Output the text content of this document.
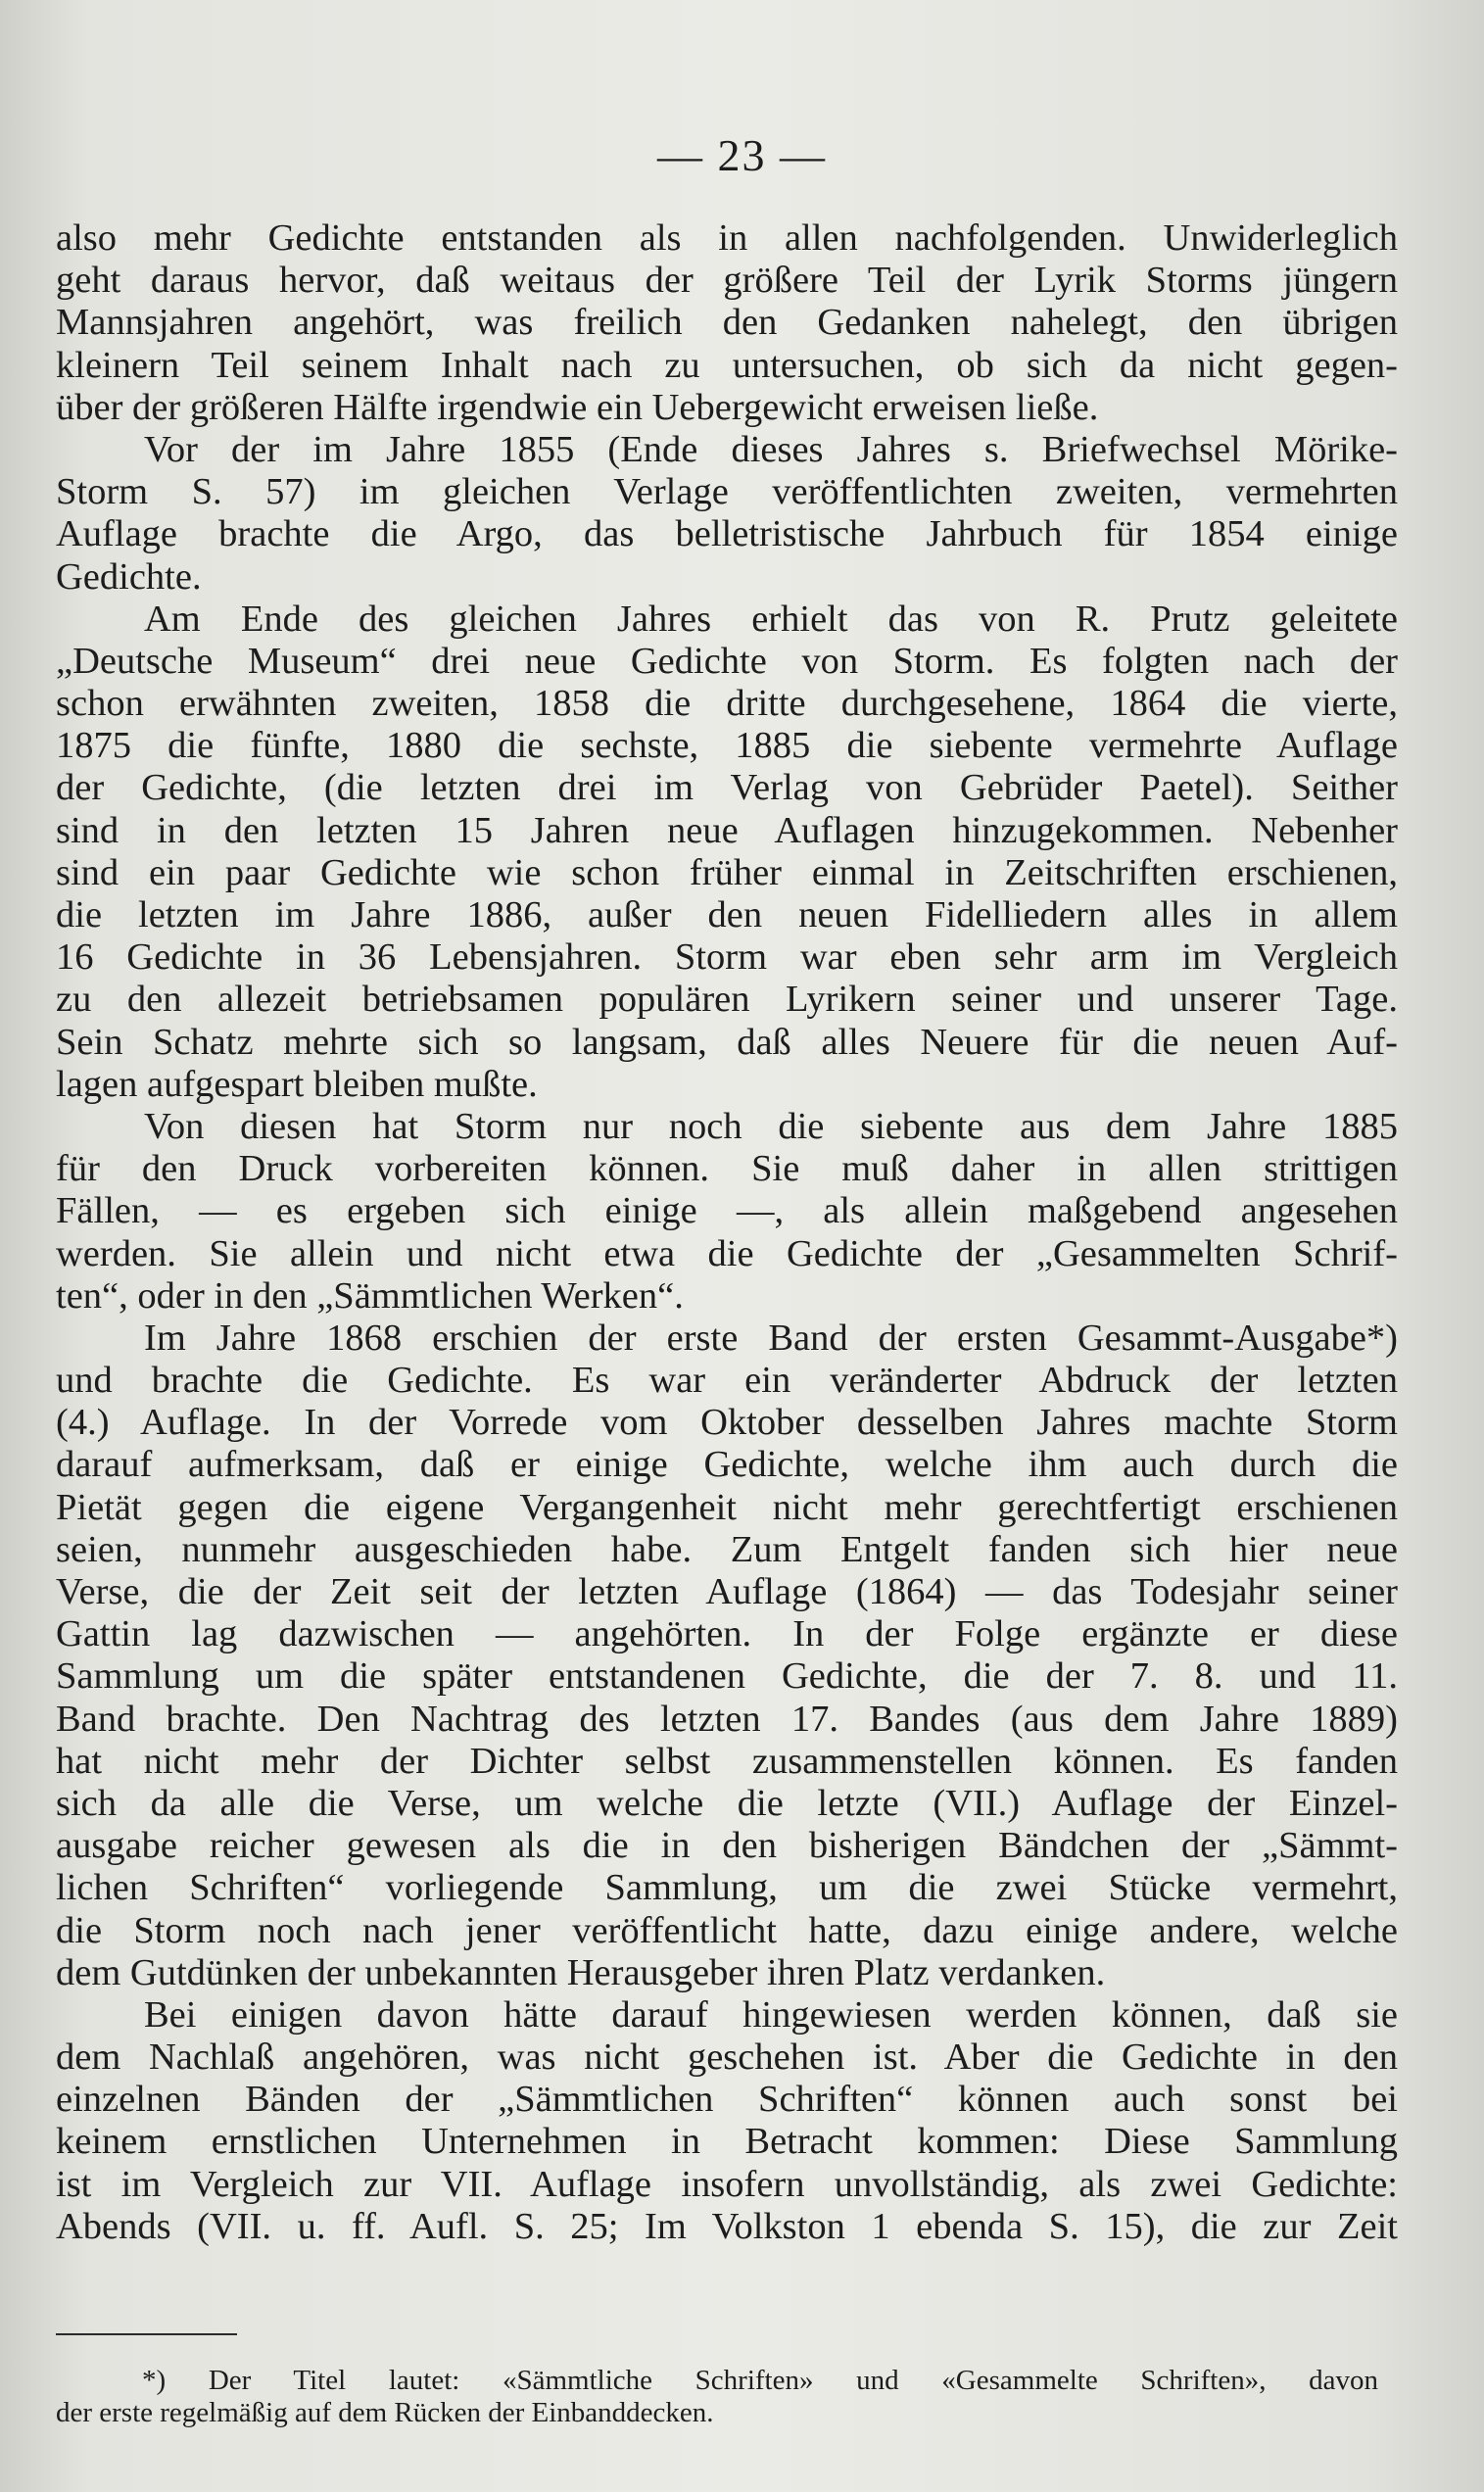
— 23 —
also mehr Gedichte entstanden als in allen nachfolgenden. Unwiderleglich
geht daraus hervor, daß weitaus der größere Teil der Lyrik Storms jüngern
Mannsjahren angehört, was freilich den Gedanken nahelegt, den übrigen
kleinern Teil seinem Inhalt nach zu untersuchen, ob sich da nicht gegen-
über der größeren Hälfte irgendwie ein Uebergewicht erweisen ließe.
Vor der im Jahre 1855 (Ende dieses Jahres s. Briefwechsel Mörike-
Storm S. 57) im gleichen Verlage veröffentlichten zweiten, vermehrten
Auflage brachte die Argo, das belletristische Jahrbuch für 1854 einige
Gedichte.
Am Ende des gleichen Jahres erhielt das von R. Prutz geleitete
„Deutsche Museum“ drei neue Gedichte von Storm. Es folgten nach der
schon erwähnten zweiten, 1858 die dritte durchgesehene, 1864 die vierte,
1875 die fünfte, 1880 die sechste, 1885 die siebente vermehrte Auflage
der Gedichte, (die letzten drei im Verlag von Gebrüder Paetel). Seither
sind in den letzten 15 Jahren neue Auflagen hinzugekommen. Nebenher
sind ein paar Gedichte wie schon früher einmal in Zeitschriften erschienen,
die letzten im Jahre 1886, außer den neuen Fidelliedern alles in allem
16 Gedichte in 36 Lebensjahren. Storm war eben sehr arm im Vergleich
zu den allezeit betriebsamen populären Lyrikern seiner und unserer Tage.
Sein Schatz mehrte sich so langsam, daß alles Neuere für die neuen Auf-
lagen aufgespart bleiben mußte.
Von diesen hat Storm nur noch die siebente aus dem Jahre 1885
für den Druck vorbereiten können. Sie muß daher in allen strittigen
Fällen, — es ergeben sich einige —, als allein maßgebend angesehen
werden. Sie allein und nicht etwa die Gedichte der „Gesammelten Schrif-
ten“, oder in den „Sämmtlichen Werken“.
Im Jahre 1868 erschien der erste Band der ersten Gesammt-Ausgabe*)
und brachte die Gedichte. Es war ein veränderter Abdruck der letzten
(4.) Auflage. In der Vorrede vom Oktober desselben Jahres machte Storm
darauf aufmerksam, daß er einige Gedichte, welche ihm auch durch die
Pietät gegen die eigene Vergangenheit nicht mehr gerechtfertigt erschienen
seien, nunmehr ausgeschieden habe. Zum Entgelt fanden sich hier neue
Verse, die der Zeit seit der letzten Auflage (1864) — das Todesjahr seiner
Gattin lag dazwischen — angehörten. In der Folge ergänzte er diese
Sammlung um die später entstandenen Gedichte, die der 7. 8. und 11.
Band brachte. Den Nachtrag des letzten 17. Bandes (aus dem Jahre 1889)
hat nicht mehr der Dichter selbst zusammenstellen können. Es fanden
sich da alle die Verse, um welche die letzte (VII.) Auflage der Einzel-
ausgabe reicher gewesen als die in den bisherigen Bändchen der „Sämmt-
lichen Schriften“ vorliegende Sammlung, um die zwei Stücke vermehrt,
die Storm noch nach jener veröffentlicht hatte, dazu einige andere, welche
dem Gutdünken der unbekannten Herausgeber ihren Platz verdanken.
Bei einigen davon hätte darauf hingewiesen werden können, daß sie
dem Nachlaß angehören, was nicht geschehen ist. Aber die Gedichte in den
einzelnen Bänden der „Sämmtlichen Schriften“ können auch sonst bei
keinem ernstlichen Unternehmen in Betracht kommen: Diese Sammlung
ist im Vergleich zur VII. Auflage insofern unvollständig, als zwei Gedichte:
Abends (VII. u. ff. Aufl. S. 25; Im Volkston 1 ebenda S. 15), die zur Zeit
*) Der Titel lautet: «Sämmtliche Schriften» und «Gesammelte Schriften», davon
der erste regelmäßig auf dem Rücken der Einbanddecken.
